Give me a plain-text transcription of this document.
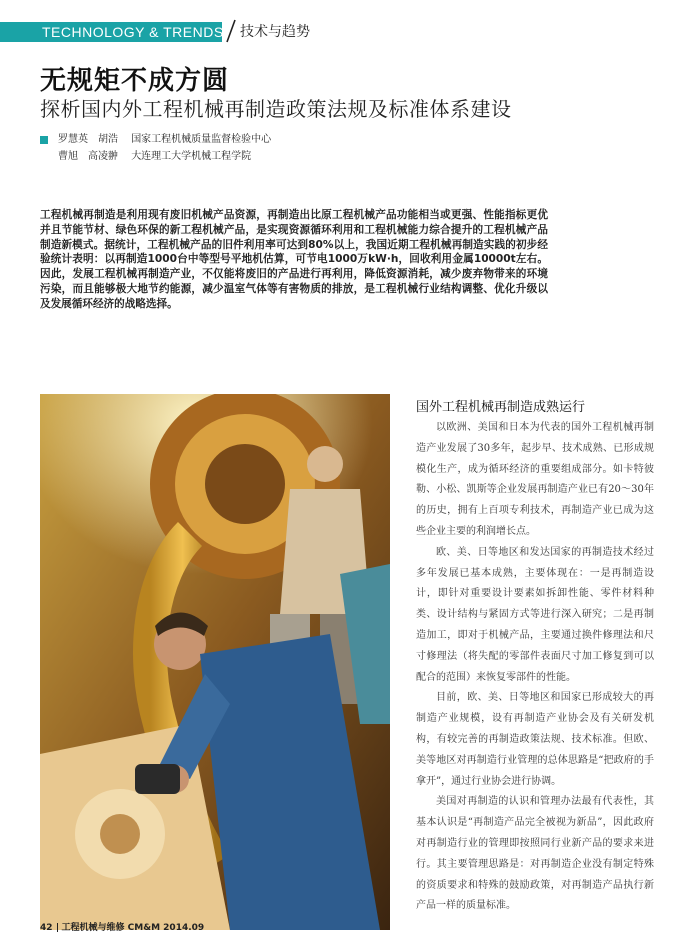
TECHNOLOGY & TRENDS 技术与趋势
无规矩不成方圆
探析国内外工程机械再制造政策法规及标准体系建设
罗慧英　胡浩 国家工程机械质量监督检验中心
曹旭　高凌翀 大连理工大学机械工程学院

工程机械再制造是利用现有废旧机械产品资源，再制造出比原工程机械产品功能相当或更强、性能指标更优并且节能节材、绿色环保的新工程机械产品，是实现资源循环利用和工程机械能力综合提升的工程机械产品制造新模式。据统计，工程机械产品的旧件利用率可达到80%以上，我国近期工程机械再制造实践的初步经验统计表明：以再制造1000台中等型号平地机估算，可节电1000万kW·h，回收利用金属10000t左右。因此，发展工程机械再制造产业，不仅能将废旧的产品进行再利用，降低资源消耗，减少废弃物带来的环境污染，而且能够极大地节约能源，减少温室气体等有害物质的排放，是工程机械行业结构调整、优化升级以及发展循环经济的战略选择。

国外工程机械再制造成熟运行

以欧洲、美国和日本为代表的国外工程机械再制造产业发展了30多年，起步早、技术成熟、已形成规模化生产，成为循环经济的重要组成部分。如卡特彼勒、小松、凯斯等企业发展再制造产业已有20～30年的历史，拥有上百项专利技术，再制造产业已成为这些企业主要的利润增长点。

欧、美、日等地区和发达国家的再制造技术经过多年发展已基本成熟，主要体现在：一是再制造设计，即针对重要设计要素如拆卸性能、零件材料种类、设计结构与紧固方式等进行深入研究；二是再制造加工，即对于机械产品，主要通过换件修理法和尺寸修理法（将失配的零部件表面尺寸加工修复到可以配合的范围）来恢复零部件的性能。

目前，欧、美、日等地区和国家已形成较大的再制造产业规模，设有再制造产业协会及有关研发机构，有较完善的再制造政策法规、技术标准。但欧、美等地区对再制造行业管理的总体思路是“把政府的手拿开”，通过行业协会进行协调。

美国对再制造的认识和管理办法最有代表性，其基本认识是“再制造产品完全被视为新品”，因此政府对再制造行业的管理即按照同行业新产品的要求来进行。其主要管理思路是：对再制造企业没有制定特殊的资质要求和特殊的鼓励政策，对再制造产品执行新产品一样的质量标准。

42 工程机械与维修 CM&M 2014.09
